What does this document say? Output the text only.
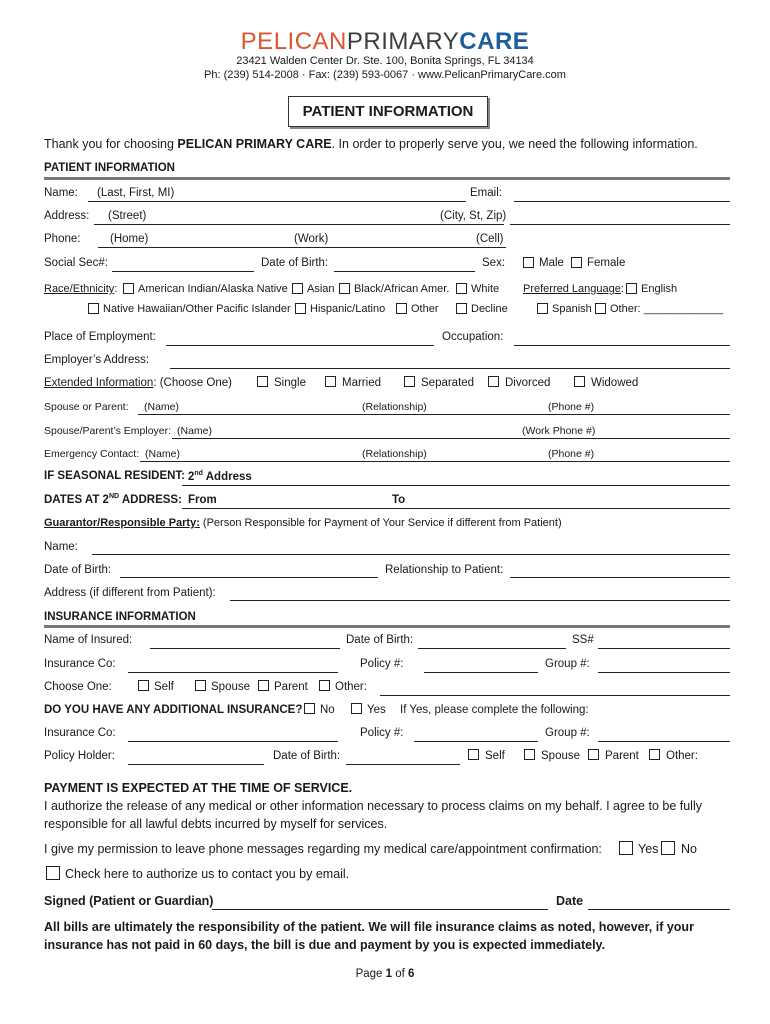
PELICANPRIMARYCARE
23421 Walden Center Dr. Ste. 100, Bonita Springs, FL 34134
Ph: (239) 514-2008 · Fax: (239) 593-0067 · www.PelicanPrimaryCare.com
PATIENT INFORMATION
Thank you for choosing PELICAN PRIMARY CARE. In order to properly serve you, we need the following information.
PATIENT INFORMATION
Name: (Last, First, MI)	Email:
Address: (Street)	(City, St, Zip)
Phone:	(Home)	(Work)	(Cell)
Social Sec#:	Date of Birth:	Sex:	Male Female
Race/Ethnicity: American Indian/Alaska Native Asian Black/African Amer. White Preferred Language: English
Native Hawaiian/Other Pacific Islander Hispanic/Latino Other	Decline	Spanish Other: _____________
Place of Employment:	Occupation:
Employer’s Address:
Extended Information: (Choose One)	Single	Married	Separated	Divorced	Widowed
Spouse or Parent: (Name)	(Relationship)	(Phone #)
Spouse/Parent’s Employer: (Name)	(Work Phone #)
Emergency Contact: (Name)	(Relationship)	(Phone #)
IF SEASONAL RESIDENT: 2nd Address
DATES AT 2ND ADDRESS: From	To
Guarantor/Responsible Party: (Person Responsible for Payment of Your Service if different from Patient)
Name:
Date of Birth:	Relationship to Patient:
Address (if different from Patient):
INSURANCE INFORMATION
Name of Insured:	Date of Birth:	SS#
Insurance Co:	Policy #:	Group #:
Choose One:	Self	Spouse Parent Other:
DO YOU HAVE ANY ADDITIONAL INSURANCE? No	Yes If Yes, please complete the following:
Insurance Co:	Policy #:	Group #:
Policy Holder:	Date of Birth:	Self	Spouse Parent Other:
PAYMENT IS EXPECTED AT THE TIME OF SERVICE.
I authorize the release of any medical or other information necessary to process claims on my behalf. I agree to be fully
responsible for all lawful debts incurred by myself for services.
I give my permission to leave phone messages regarding my medical care/appointment confirmation:	Yes No
Check here to authorize us to contact you by email.
Signed (Patient or Guardian)	Date
All bills are ultimately the responsibility of the patient. We will file insurance claims as noted, however, if your
insurance has not paid in 60 days, the bill is due and payment by you is expected immediately.
Page 1 of 6
